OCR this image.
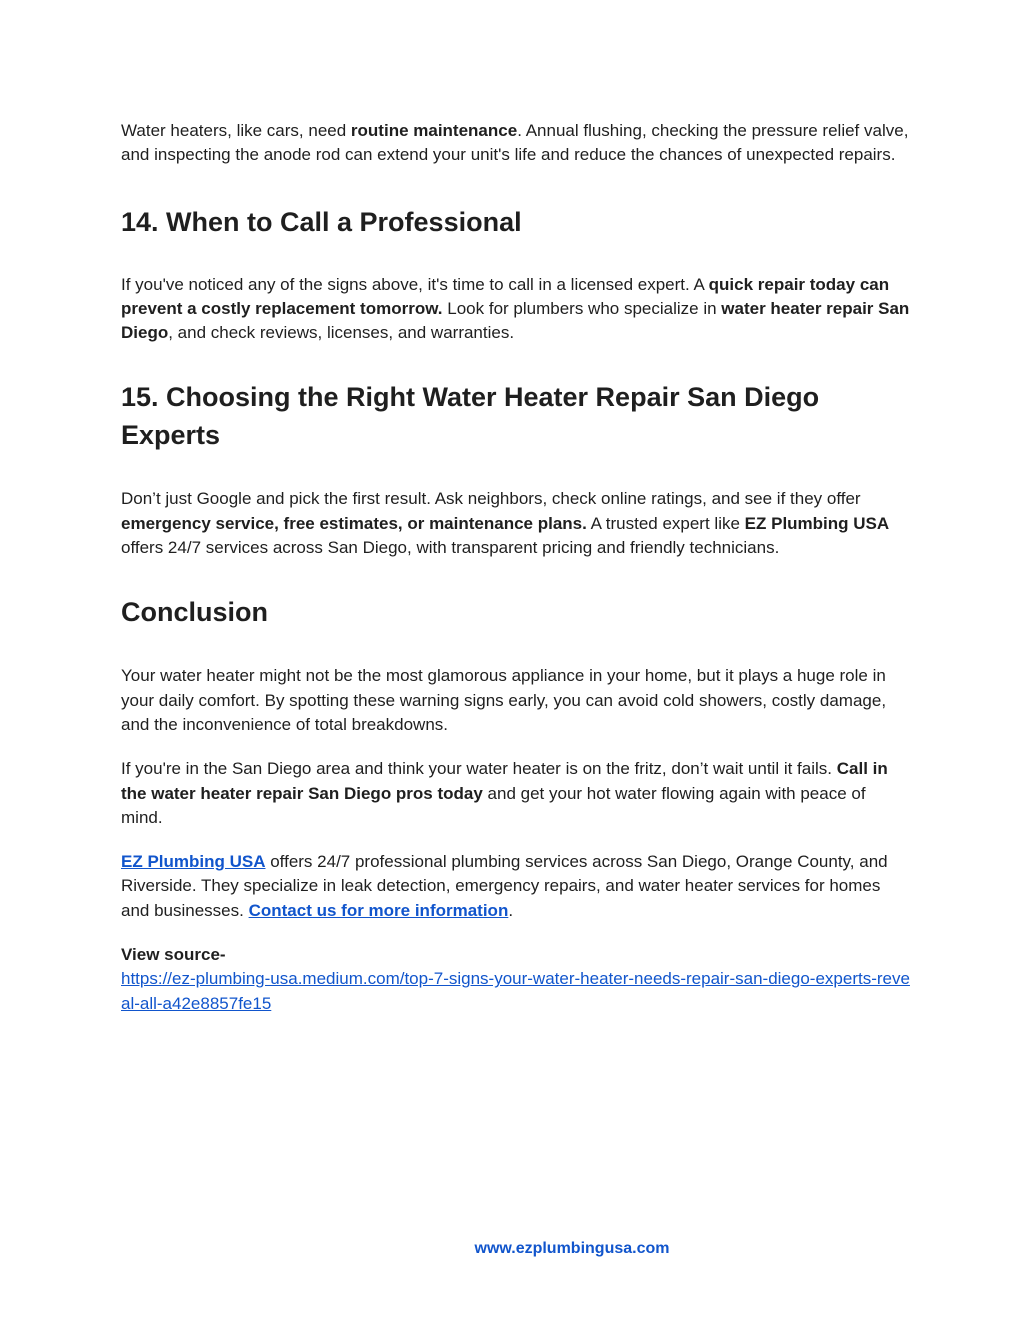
Water heaters, like cars, need routine maintenance. Annual flushing, checking the pressure relief valve, and inspecting the anode rod can extend your unit's life and reduce the chances of unexpected repairs.

14. When to Call a Professional

If you've noticed any of the signs above, it's time to call in a licensed expert. A quick repair today can prevent a costly replacement tomorrow. Look for plumbers who specialize in water heater repair San Diego, and check reviews, licenses, and warranties.

15. Choosing the Right Water Heater Repair San Diego Experts

Don’t just Google and pick the first result. Ask neighbors, check online ratings, and see if they offer emergency service, free estimates, or maintenance plans. A trusted expert like EZ Plumbing USA offers 24/7 services across San Diego, with transparent pricing and friendly technicians.

Conclusion

Your water heater might not be the most glamorous appliance in your home, but it plays a huge role in your daily comfort. By spotting these warning signs early, you can avoid cold showers, costly damage, and the inconvenience of total breakdowns.

If you're in the San Diego area and think your water heater is on the fritz, don’t wait until it fails. Call in the water heater repair San Diego pros today and get your hot water flowing again with peace of mind.

EZ Plumbing USA offers 24/7 professional plumbing services across San Diego, Orange County, and Riverside. They specialize in leak detection, emergency repairs, and water heater services for homes and businesses. Contact us for more information.

View source-
https://ez-plumbing-usa.medium.com/top-7-signs-your-water-heater-needs-repair-san-diego-experts-reveal-all-a42e8857fe15

www.ezplumbingusa.com
